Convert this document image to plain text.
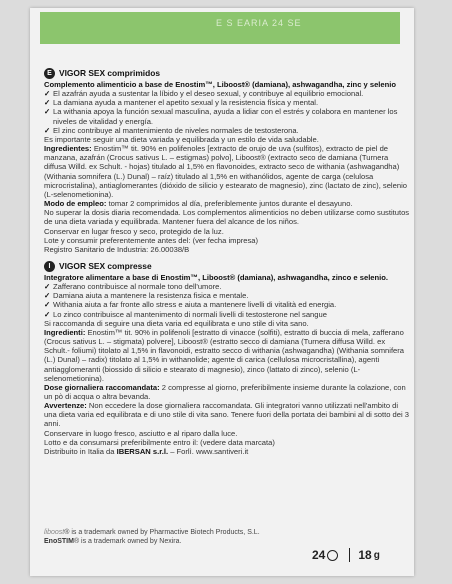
E S EARIA 24 SE
E VIGOR SEX comprimidos

Complemento alimenticio a base de Enostim™, Liboost® (damiana), ashwagandha, zinc y selenio

✓ El azafrán ayuda a sustentar la líbido y el deseo sexual, y contribuye al equilibrio emocional.
✓ La damiana ayuda a mantener el apetito sexual y la resistencia física y mental.
✓ La withania apoya la función sexual masculina, ayuda a lidiar con el estrés y colabora en mantener los niveles de vitalidad y energía.
✓ El zinc contribuye al mantenimiento de niveles normales de testosterona.

Es importante seguir una dieta variada y equilibrada y un estilo de vida saludable.

Ingredientes: Enostim™ tit. 90% en polifenoles [extracto de orujo de uva (sulfitos), extracto de piel de manzana, azafrán (Crocus sativus L. – estigmas) polvo], Liboost® (extracto seco de damiana (Turnera diffusa Willd. ex Schult. - hojas) titulado al 1,5% en flavonoides, extracto seco de withania (ashwagandha) (Withania somnifera (L.) Dunal) – raíz) titulado al 1,5% en withanólidos, agente de carga (celulosa microcristalina), antiaglomerantes (dióxido de silicio y estearato de magnesio), zinc (lactato de zinc), selenio (L-selenometionina).

Modo de empleo: tomar 2 comprimidos al día, preferiblemente juntos durante el desayuno.

No superar la dosis diaria recomendada. Los complementos alimenticios no deben utilizarse como sustitutos de una dieta variada y equilibrada. Mantener fuera del alcance de los niños.

Conservar en lugar fresco y seco, protegido de la luz.

Lote y consumir preferentemente antes del: (ver fecha impresa)

Registro Sanitario de Industria: 26.00038/B

I	VIGOR SEX compresse

Integratore alimentare a base di Enostim™, Liboost® (damiana), ashwagandha, zinco e selenio.

✓ Zafferano contribuisce al normale tono dell'umore.
✓ Damiana aiuta a mantenere la resistenza fisica e mentale.
✓ Withania aiuta a far fronte allo stress e aiuta a mantenere livelli di vitalità ed energia.
✓ Lo zinco contribuisce al mantenimento di normali livelli di testosterone nel sangue

Si raccomanda di seguire una dieta varia ed equilibrata e uno stile di vita sano.

Ingredienti: Enostim™ tit. 90% in polifenoli [estratto di vinacce (solfiti), estratto di buccia di mela, zafferano (Crocus sativus L. – stigmata) polvere], Liboost® (estratto secco di damiana (Turnera diffusa Willd. ex Schult.- foliumi) titolato al 1,5% in flavonoidi, estratto secco di withania (ashwagandha) (Withania somnifera (L.) Dunal) – radix) titolato al 1,5% in withanolide; agente di carica (cellulosa microcristallina), agenti antiagglomeranti (biossido di silicio e stearato di magnesio), zinco (lattato di zinco), selenio (L-selenometionina).

Dose giornaliera raccomandata: 2 compresse al giorno, preferibilmente insieme durante la colazione, con un pò di acqua o altra bevanda.

Avvertenze: Non eccedere la dose giornaliera raccomandata. Gli integratori vanno utilizzati nell'ambito di una dieta varia ed equilibrata e di uno stile di vita sano. Tenere fuori della portata dei bambini al di sotto dei 3 anni.

Conservare in luogo fresco, asciutto e al riparo dalla luce.

Lotto e da consumarsi preferibilmente entro il: (vedere data marcata)

Distribuito in Italia da IBERSAN s.r.l. – Forlì. www.santiveri.it

liboost® is a trademark owned by Pharmactive Biotech Products, S.L.
EnoSTIM® is a trademark owned by Nexira.
24	18 g
